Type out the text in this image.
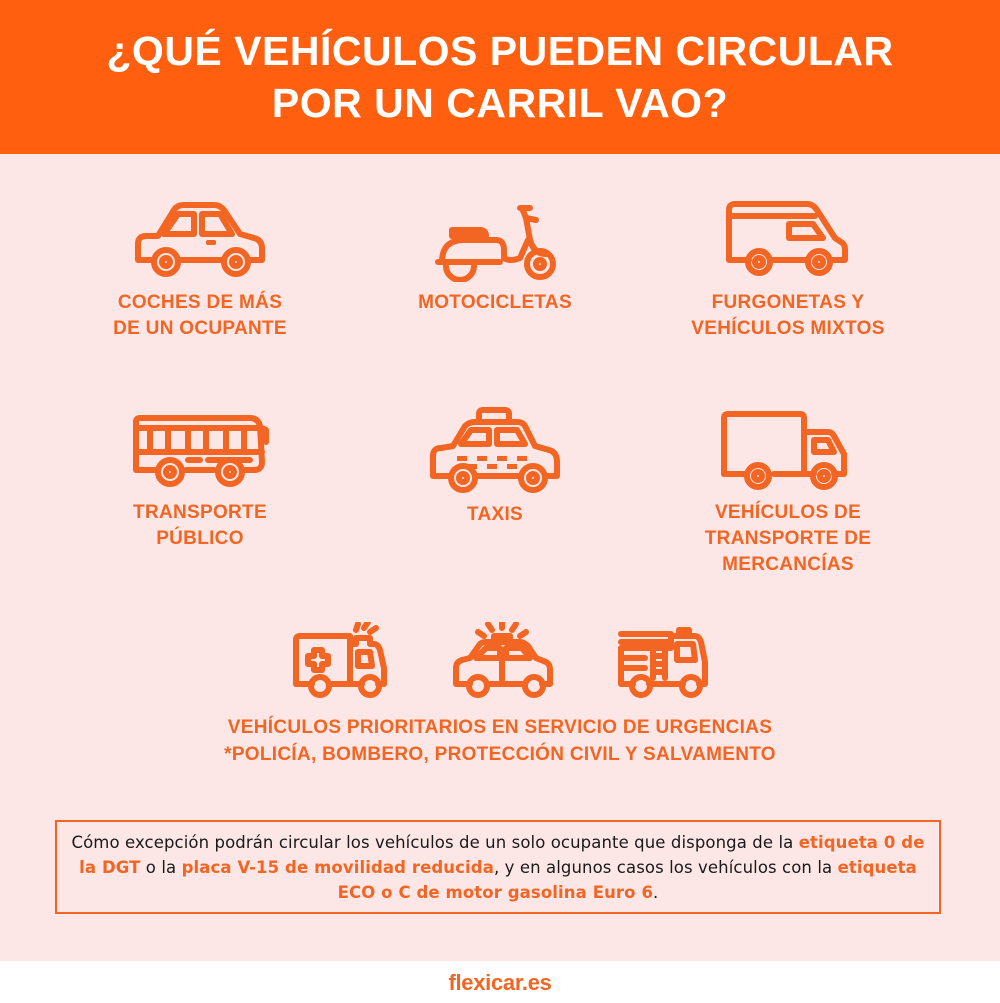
¿QUÉ VEHÍCULOS PUEDEN CIRCULAR
POR UN CARRIL VAO?
COCHES DE MÁS
DE UN OCUPANTE
MOTOCICLETAS	FURGONETAS Y
VEHÍCULOS MIXTOS
TRANSPORTE
PÚBLICO
TAXIS	VEHÍCULOS DE
TRANSPORTE DE
MERCANCÍAS
VEHÍCULOS PRIORITARIOS EN SERVICIO DE URGENCIAS
*POLICÍA, BOMBERO, PROTECCIÓN CIVIL Y SALVAMENTO
Cómo excepción podrán circular los vehículos de un solo ocupante que disponga de la etiqueta 0 de la DGT o la placa V-15 de movilidad reducida, y en algunos casos los vehículos con la etiqueta ECO o C de motor gasolina Euro 6.
flexicar.es
